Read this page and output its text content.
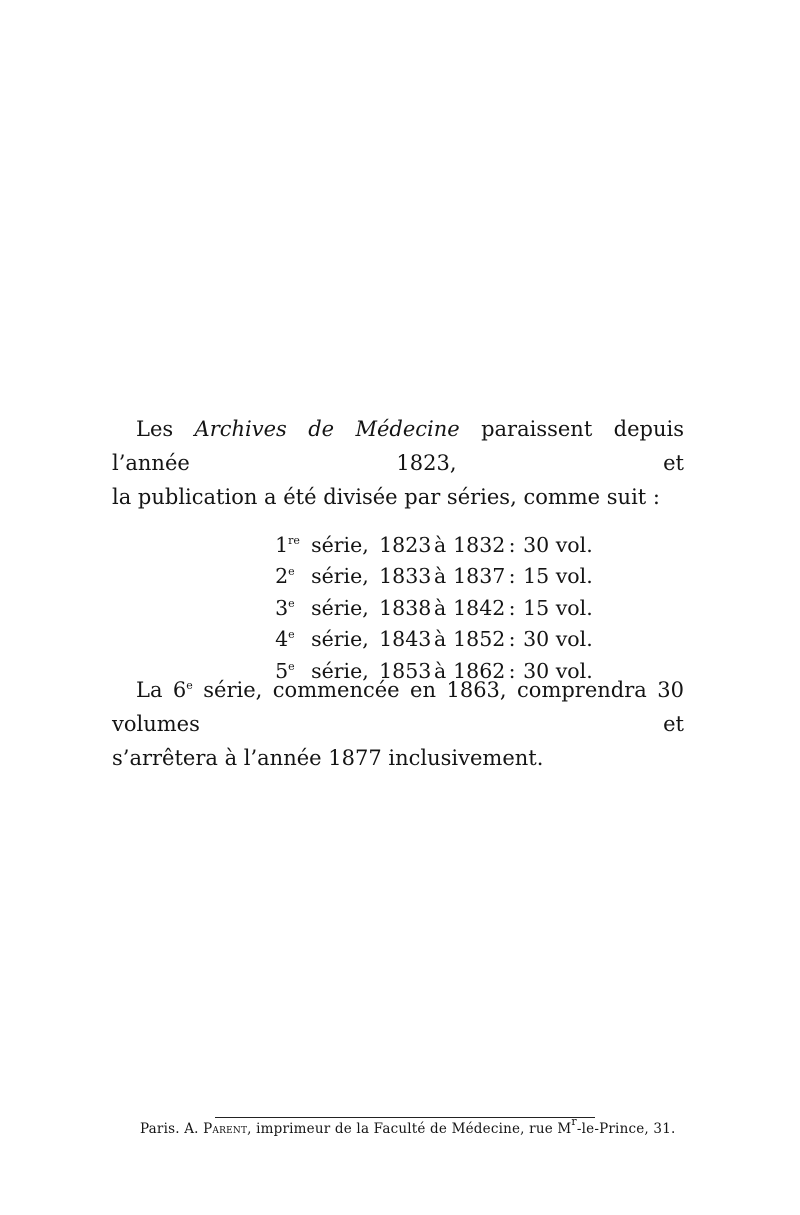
Les Archives de Médecine paraissent depuis l’année 1823, et
la publication a été divisée par séries, comme suit :

1re série, 1823 à 1832 : 30 vol.

2e série, 1833 à 1837 : 15 vol.

3e série, 1838 à 1842 : 15 vol.

4e série, 1843 à 1852 : 30 vol.

5e série, 1853 à 1862 : 30 vol.

La 6e série, commencée en 1863, comprendra 30 volumes et
s’arrêtera à l’année 1877 inclusivement.

Paris. A. Parent, imprimeur de la Faculté de Médecine, rue $M^r-le$-Prince, 31.
